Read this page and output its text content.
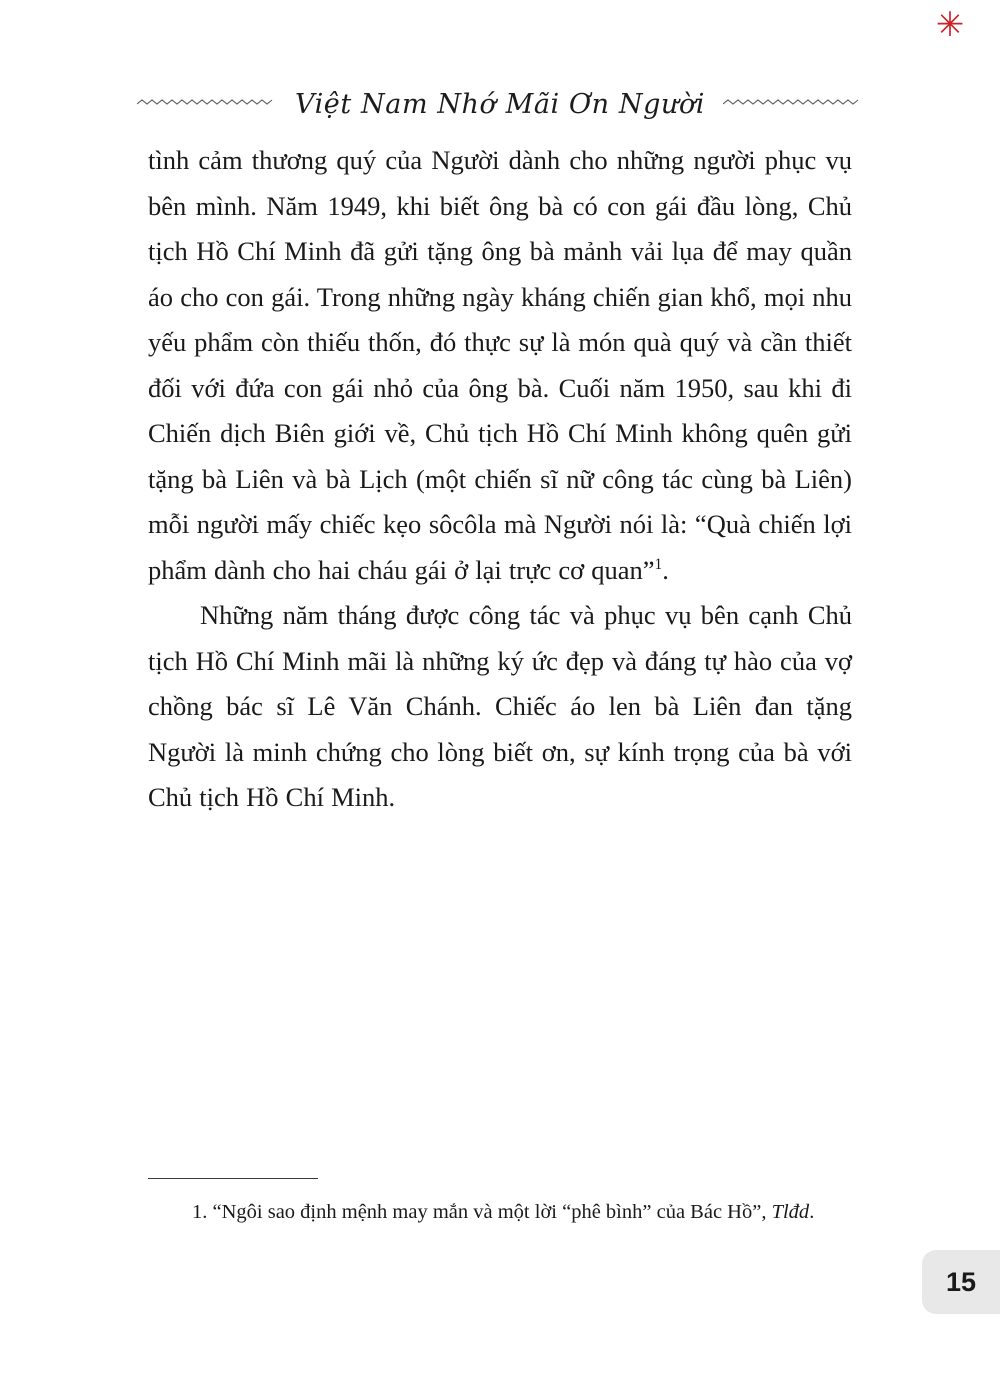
✳
Việt Nam Nhớ Mãi Ơn Người

tình cảm thương quý của Người dành cho những người phục vụ bên mình. Năm 1949, khi biết ông bà có con gái đầu lòng, Chủ tịch Hồ Chí Minh đã gửi tặng ông bà mảnh vải lụa để may quần áo cho con gái. Trong những ngày kháng chiến gian khổ, mọi nhu yếu phẩm còn thiếu thốn, đó thực sự là món quà quý và cần thiết đối với đứa con gái nhỏ của ông bà. Cuối năm 1950, sau khi đi Chiến dịch Biên giới về, Chủ tịch Hồ Chí Minh không quên gửi tặng bà Liên và bà Lịch (một chiến sĩ nữ công tác cùng bà Liên) mỗi người mấy chiếc kẹo sôcôla mà Người nói là: “Quà chiến lợi phẩm dành cho hai cháu gái ở lại trực cơ quan”$^1$.

Những năm tháng được công tác và phục vụ bên cạnh Chủ tịch Hồ Chí Minh mãi là những ký ức đẹp và đáng tự hào của vợ chồng bác sĩ Lê Văn Chánh. Chiếc áo len bà Liên đan tặng Người là minh chứng cho lòng biết ơn, sự kính trọng của bà với Chủ tịch Hồ Chí Minh.

1. “Ngôi sao định mệnh may mắn và một lời “phê bình” của Bác Hồ”, Tlđd.

15
